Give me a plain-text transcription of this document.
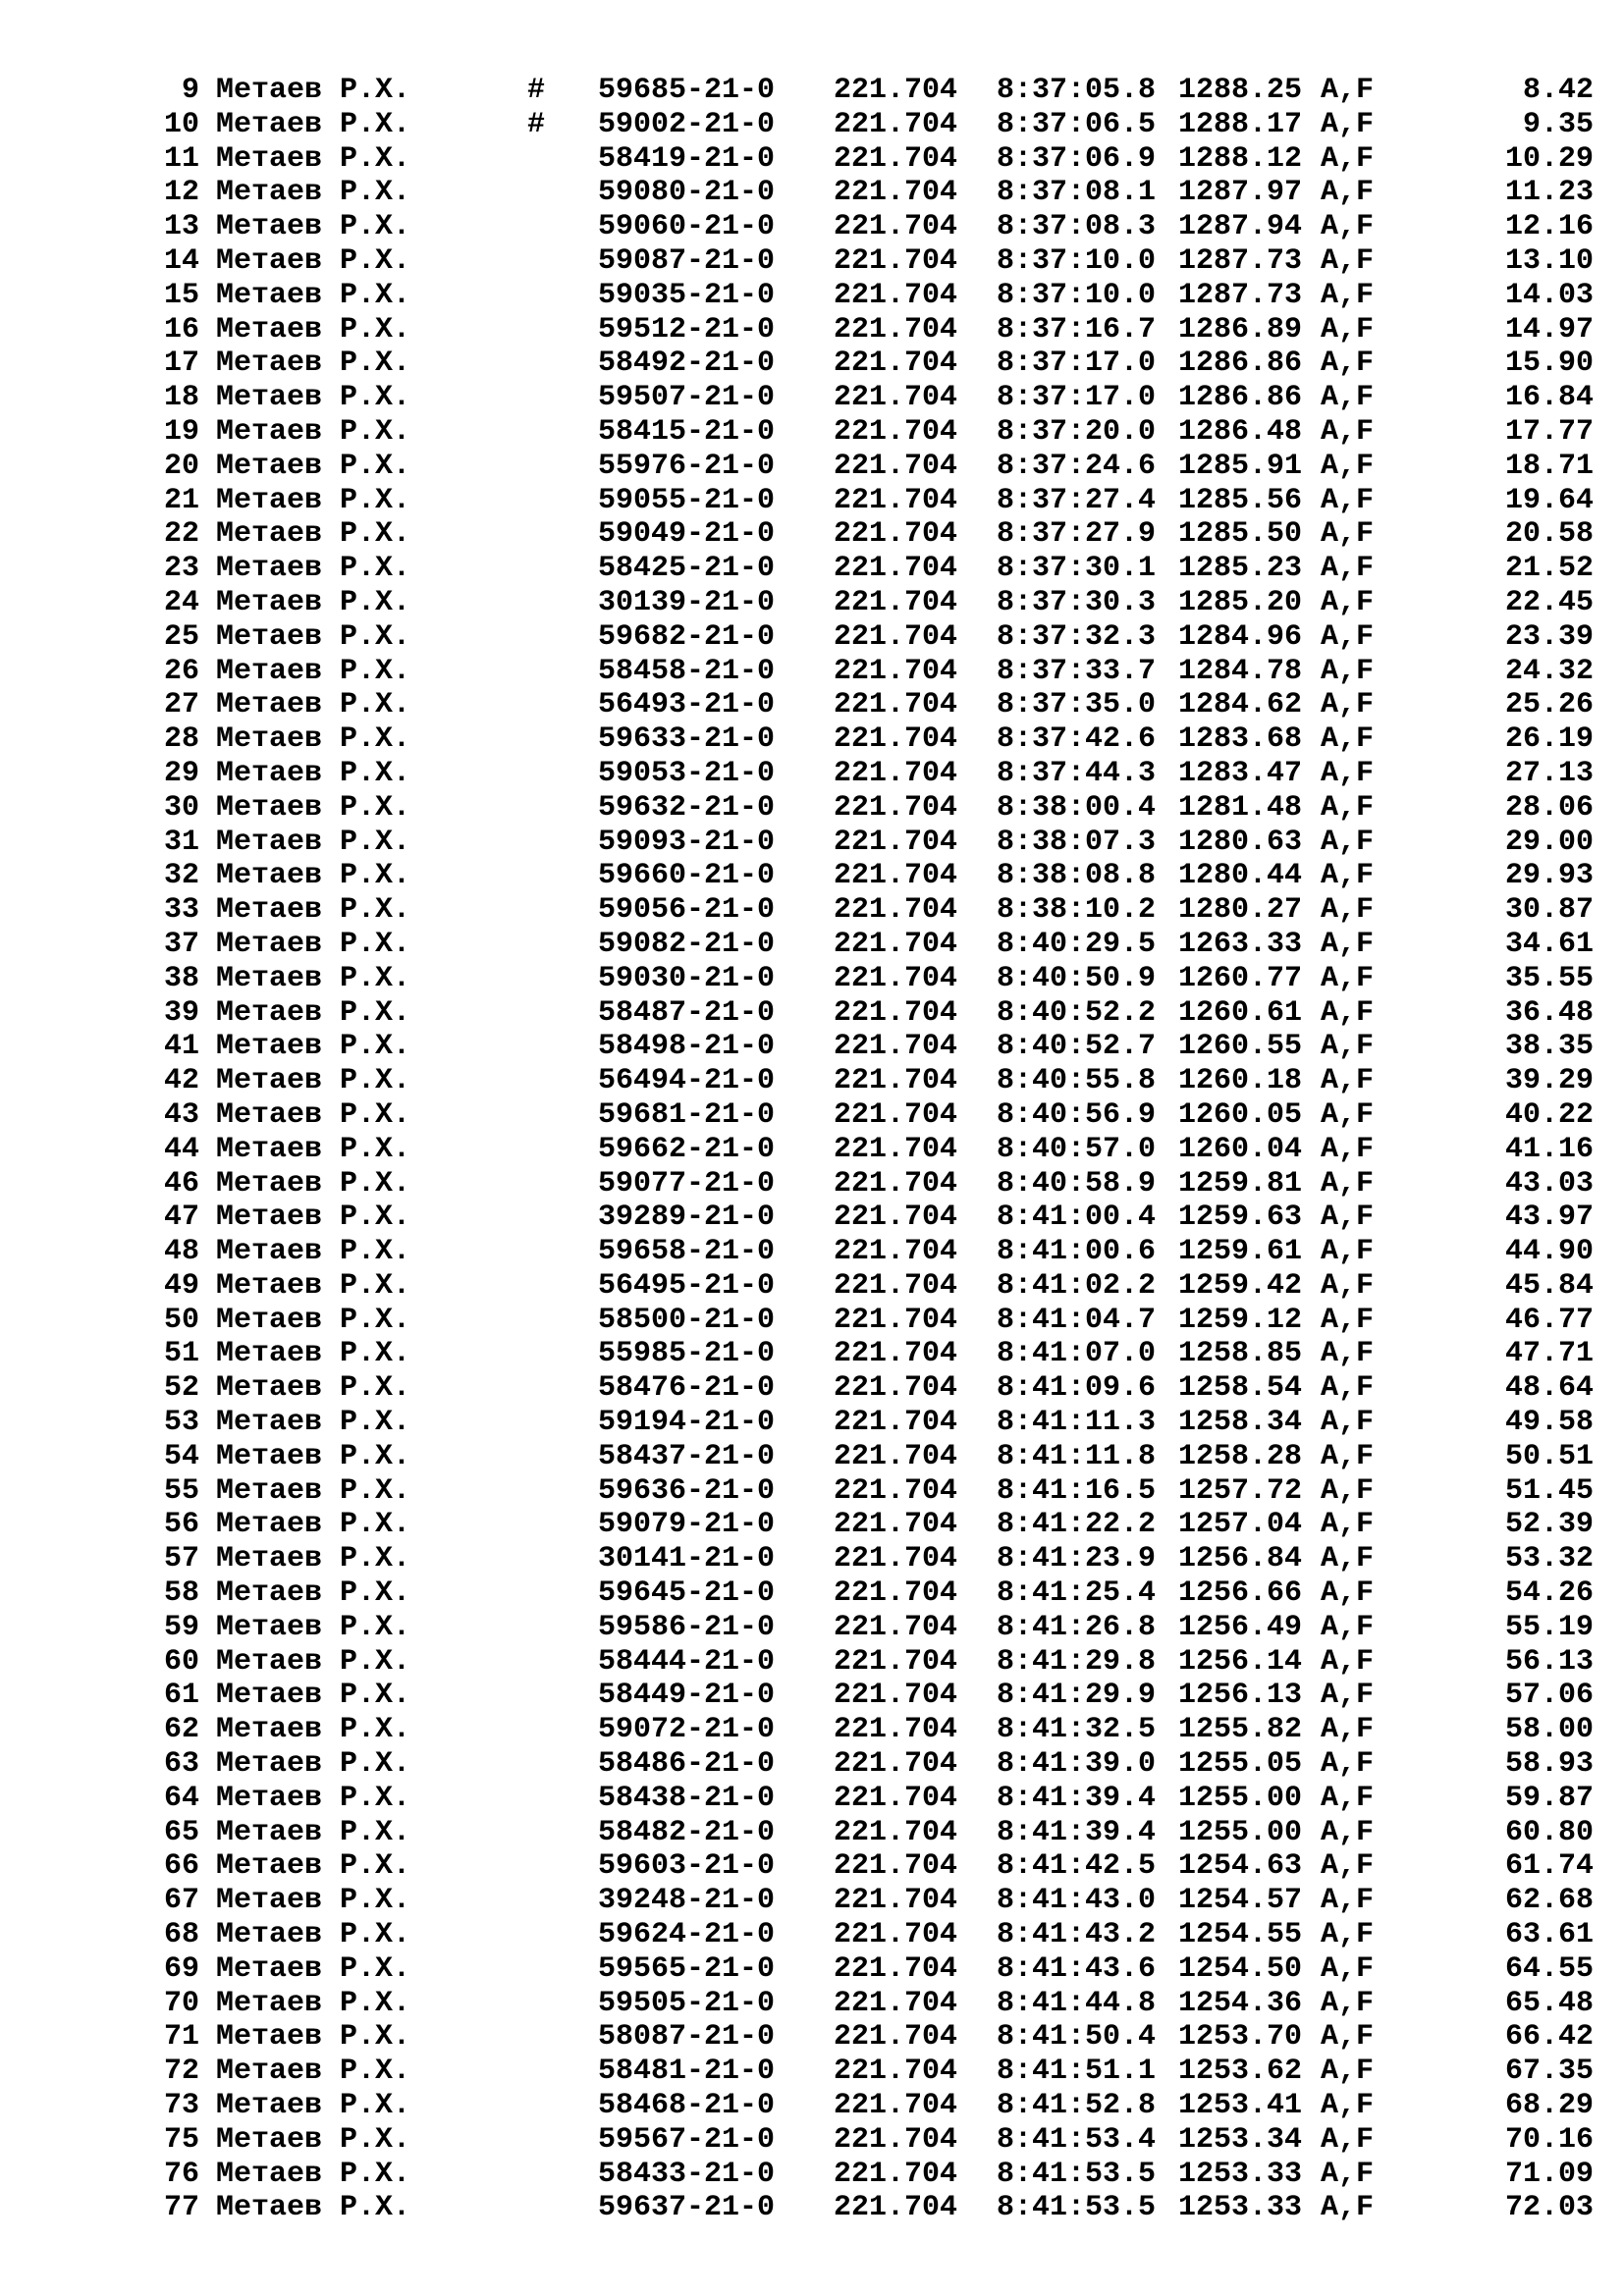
9 Метаев Р.Х.	# 59685-21-0 221.704 8:37:05.8 1288.25 A,F	8.42
10 Метаев Р.Х.	# 59002-21-0 221.704 8:37:06.5 1288.17 A,F	9.35
11 Метаев Р.Х.	58419-21-0 221.704 8:37:06.9 1288.12 A,F	10.29
12 Метаев Р.Х.	59080-21-0 221.704 8:37:08.1 1287.97 A,F	11.23
13 Метаев Р.Х.	59060-21-0 221.704 8:37:08.3 1287.94 A,F	12.16
14 Метаев Р.Х.	59087-21-0 221.704 8:37:10.0 1287.73 A,F	13.10
15 Метаев Р.Х.	59035-21-0 221.704 8:37:10.0 1287.73 A,F	14.03
16 Метаев Р.Х.	59512-21-0 221.704 8:37:16.7 1286.89 A,F	14.97
17 Метаев Р.Х.	58492-21-0 221.704 8:37:17.0 1286.86 A,F	15.90
18 Метаев Р.Х.	59507-21-0 221.704 8:37:17.0 1286.86 A,F	16.84
19 Метаев Р.Х.	58415-21-0 221.704 8:37:20.0 1286.48 A,F	17.77
20 Метаев Р.Х.	55976-21-0 221.704 8:37:24.6 1285.91 A,F	18.71
21 Метаев Р.Х.	59055-21-0 221.704 8:37:27.4 1285.56 A,F	19.64
22 Метаев Р.Х.	59049-21-0 221.704 8:37:27.9 1285.50 A,F	20.58
23 Метаев Р.Х.	58425-21-0 221.704 8:37:30.1 1285.23 A,F	21.52
24 Метаев Р.Х.	30139-21-0 221.704 8:37:30.3 1285.20 A,F	22.45
25 Метаев Р.Х.	59682-21-0 221.704 8:37:32.3 1284.96 A,F	23.39
26 Метаев Р.Х.	58458-21-0 221.704 8:37:33.7 1284.78 A,F	24.32
27 Метаев Р.Х.	56493-21-0 221.704 8:37:35.0 1284.62 A,F	25.26
28 Метаев Р.Х.	59633-21-0 221.704 8:37:42.6 1283.68 A,F	26.19
29 Метаев Р.Х.	59053-21-0 221.704 8:37:44.3 1283.47 A,F	27.13
30 Метаев Р.Х.	59632-21-0 221.704 8:38:00.4 1281.48 A,F	28.06
31 Метаев Р.Х.	59093-21-0 221.704 8:38:07.3 1280.63 A,F	29.00
32 Метаев Р.Х.	59660-21-0 221.704 8:38:08.8 1280.44 A,F	29.93
33 Метаев Р.Х.	59056-21-0 221.704 8:38:10.2 1280.27 A,F	30.87
37 Метаев Р.Х.	59082-21-0 221.704 8:40:29.5 1263.33 A,F	34.61
38 Метаев Р.Х.	59030-21-0 221.704 8:40:50.9 1260.77 A,F	35.55
39 Метаев Р.Х.	58487-21-0 221.704 8:40:52.2 1260.61 A,F	36.48
41 Метаев Р.Х.	58498-21-0 221.704 8:40:52.7 1260.55 A,F	38.35
42 Метаев Р.Х.	56494-21-0 221.704 8:40:55.8 1260.18 A,F	39.29
43 Метаев Р.Х.	59681-21-0 221.704 8:40:56.9 1260.05 A,F	40.22
44 Метаев Р.Х.	59662-21-0 221.704 8:40:57.0 1260.04 A,F	41.16
46 Метаев Р.Х.	59077-21-0 221.704 8:40:58.9 1259.81 A,F	43.03
47 Метаев Р.Х.	39289-21-0 221.704 8:41:00.4 1259.63 A,F	43.97
48 Метаев Р.Х.	59658-21-0 221.704 8:41:00.6 1259.61 A,F	44.90
49 Метаев Р.Х.	56495-21-0 221.704 8:41:02.2 1259.42 A,F	45.84
50 Метаев Р.Х.	58500-21-0 221.704 8:41:04.7 1259.12 A,F	46.77
51 Метаев Р.Х.	55985-21-0 221.704 8:41:07.0 1258.85 A,F	47.71
52 Метаев Р.Х.	58476-21-0 221.704 8:41:09.6 1258.54 A,F	48.64
53 Метаев Р.Х.	59194-21-0 221.704 8:41:11.3 1258.34 A,F	49.58
54 Метаев Р.Х.	58437-21-0 221.704 8:41:11.8 1258.28 A,F	50.51
55 Метаев Р.Х.	59636-21-0 221.704 8:41:16.5 1257.72 A,F	51.45
56 Метаев Р.Х.	59079-21-0 221.704 8:41:22.2 1257.04 A,F	52.39
57 Метаев Р.Х.	30141-21-0 221.704 8:41:23.9 1256.84 A,F	53.32
58 Метаев Р.Х.	59645-21-0 221.704 8:41:25.4 1256.66 A,F	54.26
59 Метаев Р.Х.	59586-21-0 221.704 8:41:26.8 1256.49 A,F	55.19
60 Метаев Р.Х.	58444-21-0 221.704 8:41:29.8 1256.14 A,F	56.13
61 Метаев Р.Х.	58449-21-0 221.704 8:41:29.9 1256.13 A,F	57.06
62 Метаев Р.Х.	59072-21-0 221.704 8:41:32.5 1255.82 A,F	58.00
63 Метаев Р.Х.	58486-21-0 221.704 8:41:39.0 1255.05 A,F	58.93
64 Метаев Р.Х.	58438-21-0 221.704 8:41:39.4 1255.00 A,F	59.87
65 Метаев Р.Х.	58482-21-0 221.704 8:41:39.4 1255.00 A,F	60.80
66 Метаев Р.Х.	59603-21-0 221.704 8:41:42.5 1254.63 A,F	61.74
67 Метаев Р.Х.	39248-21-0 221.704 8:41:43.0 1254.57 A,F	62.68
68 Метаев Р.Х.	59624-21-0 221.704 8:41:43.2 1254.55 A,F	63.61
69 Метаев Р.Х.	59565-21-0 221.704 8:41:43.6 1254.50 A,F	64.55
70 Метаев Р.Х.	59505-21-0 221.704 8:41:44.8 1254.36 A,F	65.48
71 Метаев Р.Х.	58087-21-0 221.704 8:41:50.4 1253.70 A,F	66.42
72 Метаев Р.Х.	58481-21-0 221.704 8:41:51.1 1253.62 A,F	67.35
73 Метаев Р.Х.	58468-21-0 221.704 8:41:52.8 1253.41 A,F	68.29
75 Метаев Р.Х.	59567-21-0 221.704 8:41:53.4 1253.34 A,F	70.16
76 Метаев Р.Х.	58433-21-0 221.704 8:41:53.5 1253.33 A,F	71.09
77 Метаев Р.Х.	59637-21-0 221.704 8:41:53.5 1253.33 A,F	72.03
